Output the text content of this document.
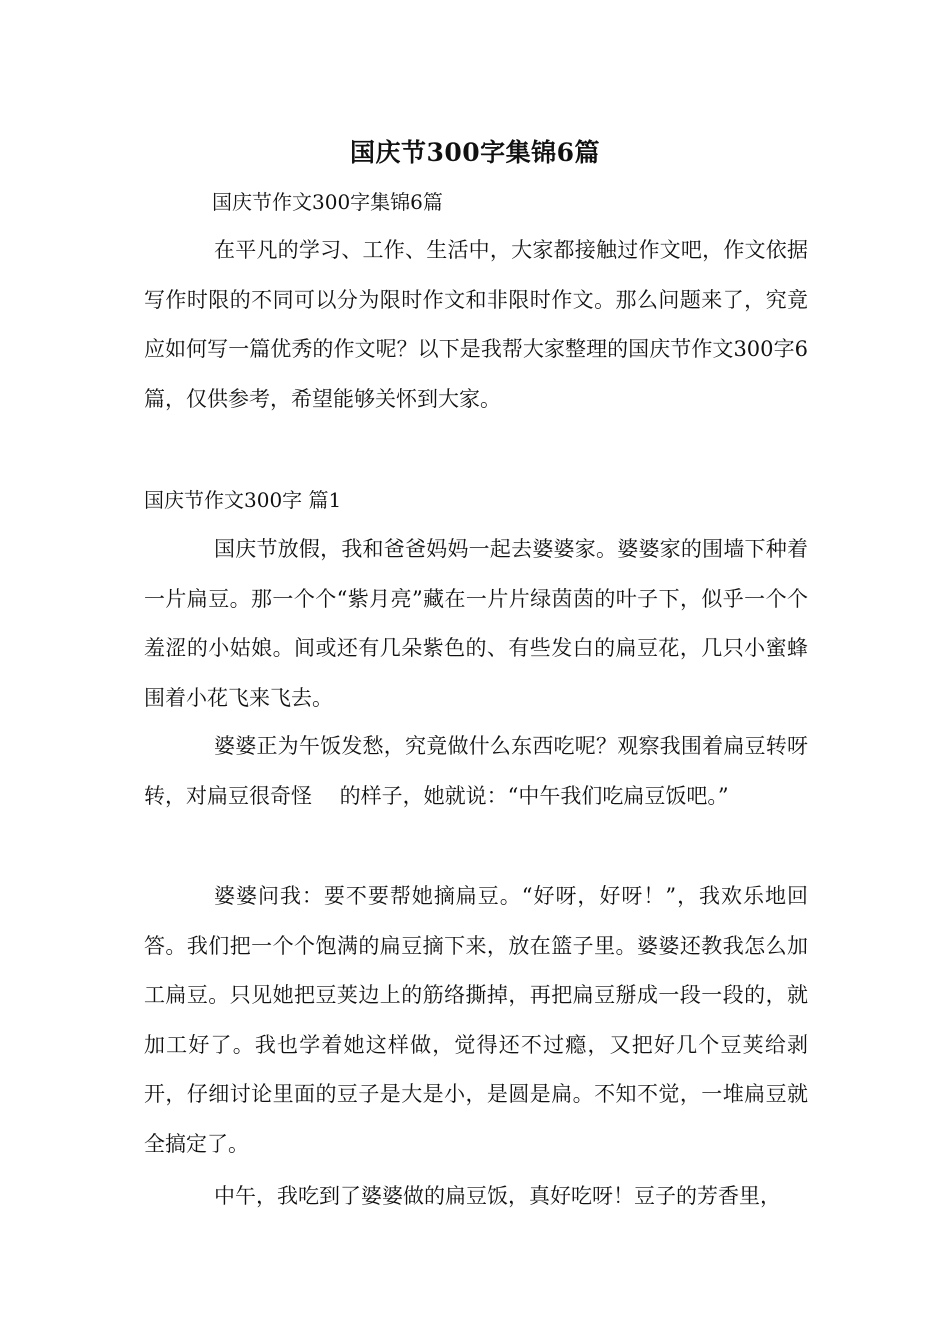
国庆节300字集锦6篇
国庆节作文300字集锦6篇
在平凡的学习、工作、生活中，大家都接触过作文吧，作文依据写作时限的不同可以分为限时作文和非限时作文。那么问题来了，究竟应如何写一篇优秀的作文呢？以下是我帮大家整理的国庆节作文300字6篇，仅供参考，希望能够关怀到大家。
国庆节作文300字 篇1
国庆节放假，我和爸爸妈妈一起去婆婆家。婆婆家的围墙下种着一片扁豆。那一个个“紫月亮”藏在一片片绿茵茵的叶子下，似乎一个个羞涩的小姑娘。间或还有几朵紫色的、有些发白的扁豆花，几只小蜜蜂围着小花飞来飞去。
婆婆正为午饭发愁，究竟做什么东西吃呢？观察我围着扁豆转呀转，对扁豆很奇怪　 的样子，她就说：“中午我们吃扁豆饭吧。”
婆婆问我：要不要帮她摘扁豆。“好呀，好呀！”，我欢乐地回答。我们把一个个饱满的扁豆摘下来，放在篮子里。婆婆还教我怎么加工扁豆。只见她把豆荚边上的筋络撕掉，再把扁豆掰成一段一段的，就加工好了。我也学着她这样做，觉得还不过瘾，又把好几个豆荚给剥开，仔细讨论里面的豆子是大是小，是圆是扁。不知不觉，一堆扁豆就全搞定了。
中午，我吃到了婆婆做的扁豆饭，真好吃呀！豆子的芳香里，
